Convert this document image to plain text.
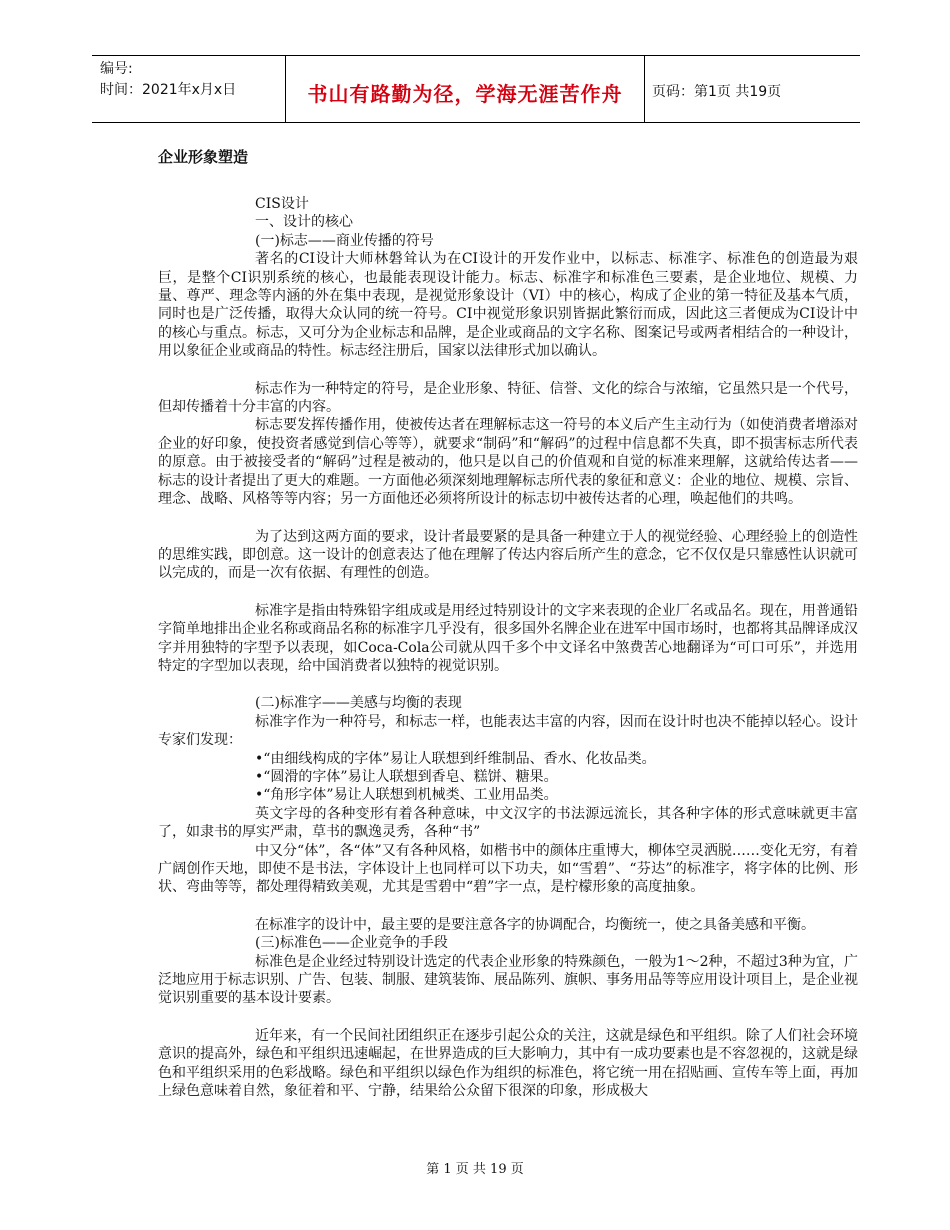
编号:
时间：2021年x月x日	书山有路勤为径，学海无涯苦作舟	页码：第1页 共19页
企业形象塑造

CIS设计

一、设计的核心

(一)标志——商业传播的符号

著名的CI设计大师林磐耸认为在CI设计的开发作业中，以标志、标准字、标准色的创造最为艰巨，是整个CI识别系统的核心，也最能表现设计能力。标志、标准字和标准色三要素，是企业地位、规模、力量、尊严、理念等内涵的外在集中表现，是视觉形象设计（VI）中的核心，构成了企业的第一特征及基本气质，同时也是广泛传播，取得大众认同的统一符号。CI中视觉形象识别皆据此繁衍而成，因此这三者便成为CI设计中的核心与重点。标志，又可分为企业标志和品牌，是企业或商品的文字名称、图案记号或两者相结合的一种设计，用以象征企业或商品的特性。标志经注册后，国家以法律形式加以确认。

标志作为一种特定的符号，是企业形象、特征、信誉、文化的综合与浓缩，它虽然只是一个代号，但却传播着十分丰富的内容。

标志要发挥传播作用，使被传达者在理解标志这一符号的本义后产生主动行为（如使消费者增添对企业的好印象，使投资者感觉到信心等等），就要求“制码”和“解码”的过程中信息都不失真，即不损害标志所代表的原意。由于被接受者的“解码”过程是被动的，他只是以自己的价值观和自觉的标准来理解，这就给传达者——标志的设计者提出了更大的难题。一方面他必须深刻地理解标志所代表的象征和意义：企业的地位、规模、宗旨、理念、战略、风格等等内容；另一方面他还必须将所设计的标志切中被传达者的心理，唤起他们的共鸣。

为了达到这两方面的要求，设计者最要紧的是具备一种建立于人的视觉经验、心理经验上的创造性的思维实践，即创意。这一设计的创意表达了他在理解了传达内容后所产生的意念，它不仅仅是只靠感性认识就可以完成的，而是一次有依据、有理性的创造。

标准字是指由特殊铅字组成或是用经过特别设计的文字来表现的企业厂名或品名。现在，用普通铅字简单地排出企业名称或商品名称的标准字几乎没有，很多国外名牌企业在进军中国市场时，也都将其品牌译成汉字并用独特的字型予以表现，如Coca-Cola公司就从四千多个中文译名中煞费苦心地翻译为“可口可乐”，并选用特定的字型加以表现，给中国消费者以独特的视觉识别。

(二)标准字——美感与均衡的表现

标准字作为一种符号，和标志一样，也能表达丰富的内容，因而在设计时也决不能掉以轻心。设计专家们发现：

•“由细线构成的字体”易让人联想到纤维制品、香水、化妆品类。

•“圆滑的字体”易让人联想到香皂、糕饼、糖果。

•“角形字体”易让人联想到机械类、工业用品类。

英文字母的各种变形有着各种意味，中文汉字的书法源远流长，其各种字体的形式意味就更丰富了，如隶书的厚实严肃，草书的飘逸灵秀，各种“书”

中又分“体”，各“体”又有各种风格，如楷书中的颜体庄重博大，柳体空灵洒脱……变化无穷，有着广阔创作天地，即使不是书法，字体设计上也同样可以下功夫，如“雪碧”、“芬达”的标准字，将字体的比例、形状、弯曲等等，都处理得精致美观，尤其是雪碧中“碧”字一点，是柠檬形象的高度抽象。

在标准字的设计中，最主要的是要注意各字的协调配合，均衡统一，使之具备美感和平衡。

(三)标准色——企业竞争的手段

标准色是企业经过特别设计选定的代表企业形象的特殊颜色，一般为1～2种，不超过3种为宜，广泛地应用于标志识别、广告、包装、制服、建筑装饰、展品陈列、旗帜、事务用品等等应用设计项目上，是企业视觉识别重要的基本设计要素。

近年来，有一个民间社团组织正在逐步引起公众的关注，这就是绿色和平组织。除了人们社会环境意识的提高外，绿色和平组织迅速崛起，在世界造成的巨大影响力，其中有一成功要素也是不容忽视的，这就是绿色和平组织采用的色彩战略。绿色和平组织以绿色作为组织的标准色，将它统一用在招贴画、宣传车等上面，再加上绿色意味着自然，象征着和平、宁静，结果给公众留下很深的印象，形成极大

第 1 页 共 19 页
